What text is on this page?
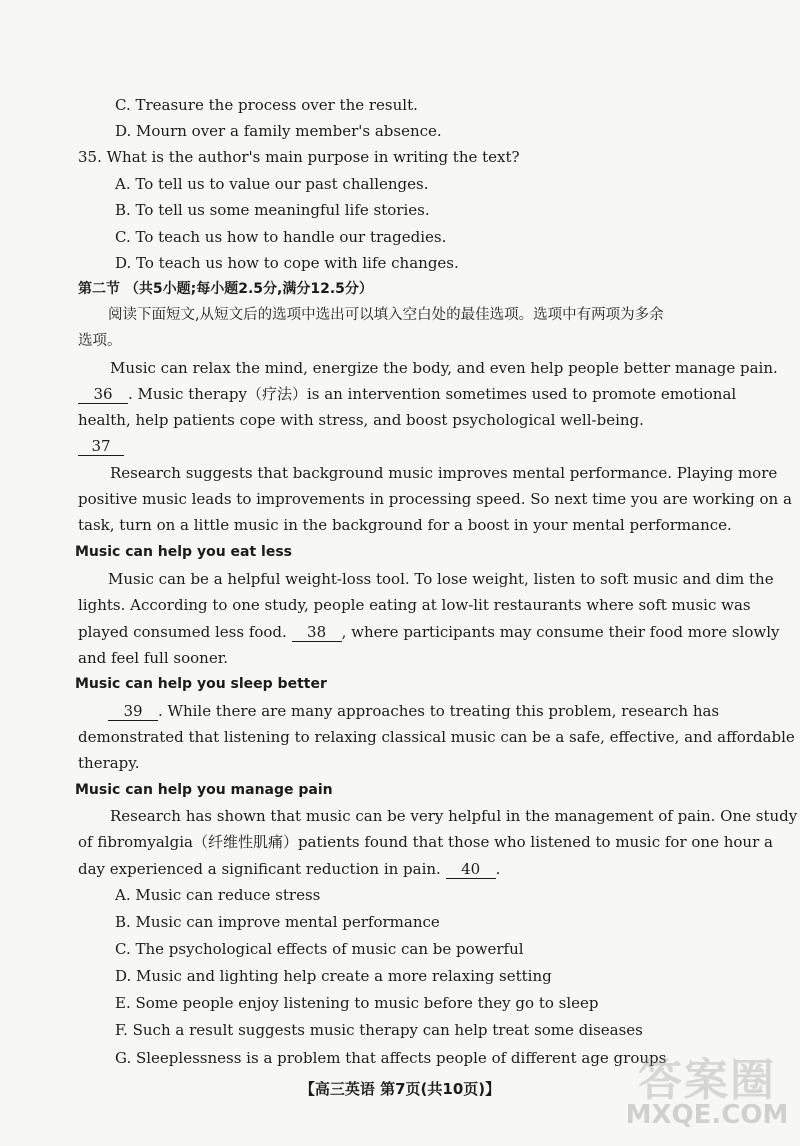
C. Treasure the process over the result.
D. Mourn over a family member's absence.
35. What is the author's main purpose in writing the text?
A. To tell us to value our past challenges.
B. To tell us some meaningful life stories.
C. To teach us how to handle our tragedies.
D. To teach us how to cope with life changes.
第二节 （共5小题;每小题2.5分,满分12.5分）
阅读下面短文,从短文后的选项中选出可以填入空白处的最佳选项。选项中有两项为多余
选项。
Music can relax the mind, energize the body, and even help people better manage pain.
36 . Music therapy（疗法）is an intervention sometimes used to promote emotional
health, help patients cope with stress, and boost psychological well-being.
37
Research suggests that background music improves mental performance. Playing more
positive music leads to improvements in processing speed. So next time you are working on a
task, turn on a little music in the background for a boost in your mental performance.
Music can help you eat less
Music can be a helpful weight-loss tool. To lose weight, listen to soft music and dim the
lights. According to one study, people eating at low-lit restaurants where soft music was
played consumed less food. 38 , where participants may consume their food more slowly
and feel full sooner.
Music can help you sleep better
39 . While there are many approaches to treating this problem, research has
demonstrated that listening to relaxing classical music can be a safe, effective, and affordable
therapy.
Music can help you manage pain
Research has shown that music can be very helpful in the management of pain. One study
of fibromyalgia（纤维性肌痛）patients found that those who listened to music for one hour a
day experienced a significant reduction in pain. 40 .
A. Music can reduce stress
B. Music can improve mental performance
C. The psychological effects of music can be powerful
D. Music and lighting help create a more relaxing setting
E. Some people enjoy listening to music before they go to sleep
F. Such a result suggests music therapy can help treat some diseases
G. Sleeplessness is a problem that affects people of different age groups
【高三英语 第7页(共10页)】	答案圈
MXQE.COM
